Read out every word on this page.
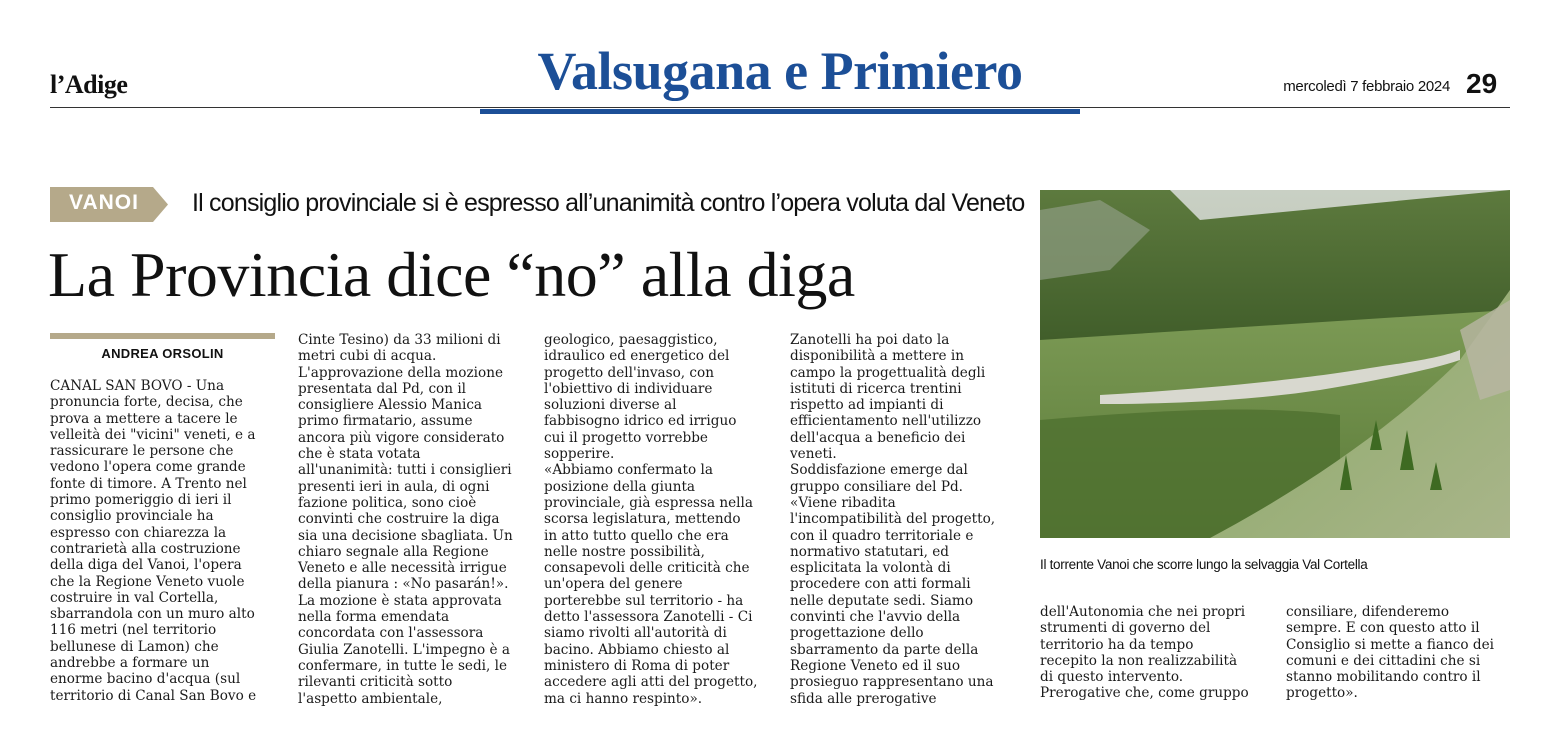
l’Adige	Valsugana e Primiero	mercoledì 7 febbraio 2024 29
VANOI	Il consiglio provinciale si è espresso all’unanimità contro l’opera voluta dal Veneto
La Provincia dice “no” alla diga
ANDREA ORSOLIN

CANAL SAN BOVO - Una

pronuncia forte, decisa, che

prova a mettere a tacere le

velleità dei "vicini" veneti, e a

rassicurare le persone che

vedono l'opera come grande

fonte di timore. A Trento nel

primo pomeriggio di ieri il

consiglio provinciale ha

espresso con chiarezza la

contrarietà alla costruzione

della diga del Vanoi, l'opera

che la Regione Veneto vuole

costruire in val Cortella,

sbarrandola con un muro alto

116 metri (nel territorio

bellunese di Lamon) che

andrebbe a formare un

enorme bacino d'acqua (sul

territorio di Canal San Bovo e

Cinte Tesino) da 33 milioni di

metri cubi di acqua.

L'approvazione della mozione

presentata dal Pd, con il

consigliere Alessio Manica

primo firmatario, assume

ancora più vigore considerato

che è stata votata

all'unanimità: tutti i consiglieri

presenti ieri in aula, di ogni

fazione politica, sono cioè

convinti che costruire la diga

sia una decisione sbagliata. Un

chiaro segnale alla Regione

Veneto e alle necessità irrigue

della pianura : «No pasarán!».

La mozione è stata approvata

nella forma emendata

concordata con l'assessora

Giulia Zanotelli. L'impegno è a

confermare, in tutte le sedi, le

rilevanti criticità sotto

l'aspetto ambientale,

geologico, paesaggistico,

idraulico ed energetico del

progetto dell'invaso, con

l'obiettivo di individuare

soluzioni diverse al

fabbisogno idrico ed irriguo

cui il progetto vorrebbe

sopperire.

«Abbiamo confermato la

posizione della giunta

provinciale, già espressa nella

scorsa legislatura, mettendo

in atto tutto quello che era

nelle nostre possibilità,

consapevoli delle criticità che

un'opera del genere

porterebbe sul territorio - ha

detto l'assessora Zanotelli - Ci

siamo rivolti all'autorità di

bacino. Abbiamo chiesto al

ministero di Roma di poter

accedere agli atti del progetto,

ma ci hanno respinto».

Zanotelli ha poi dato la

disponibilità a mettere in

campo la progettualità degli

istituti di ricerca trentini

rispetto ad impianti di

efficientamento nell'utilizzo

dell'acqua a beneficio dei

veneti.

Soddisfazione emerge dal

gruppo consiliare del Pd.

«Viene ribadita

l'incompatibilità del progetto,

con il quadro territoriale e

normativo statutari, ed

esplicitata la volontà di

procedere con atti formali

nelle deputate sedi. Siamo

convinti che l'avvio della

progettazione dello

sbarramento da parte della

Regione Veneto ed il suo

prosieguo rappresentano una

sfida alle prerogative

dell'Autonomia che nei propri

strumenti di governo del

territorio ha da tempo

recepito la non realizzabilità

di questo intervento.

Prerogative che, come gruppo

consiliare, difenderemo

sempre. E con questo atto il

Consiglio si mette a fianco dei

comuni e dei cittadini che si

stanno mobilitando contro il

progetto».

Il torrente Vanoi che scorre lungo la selvaggia Val Cortella
